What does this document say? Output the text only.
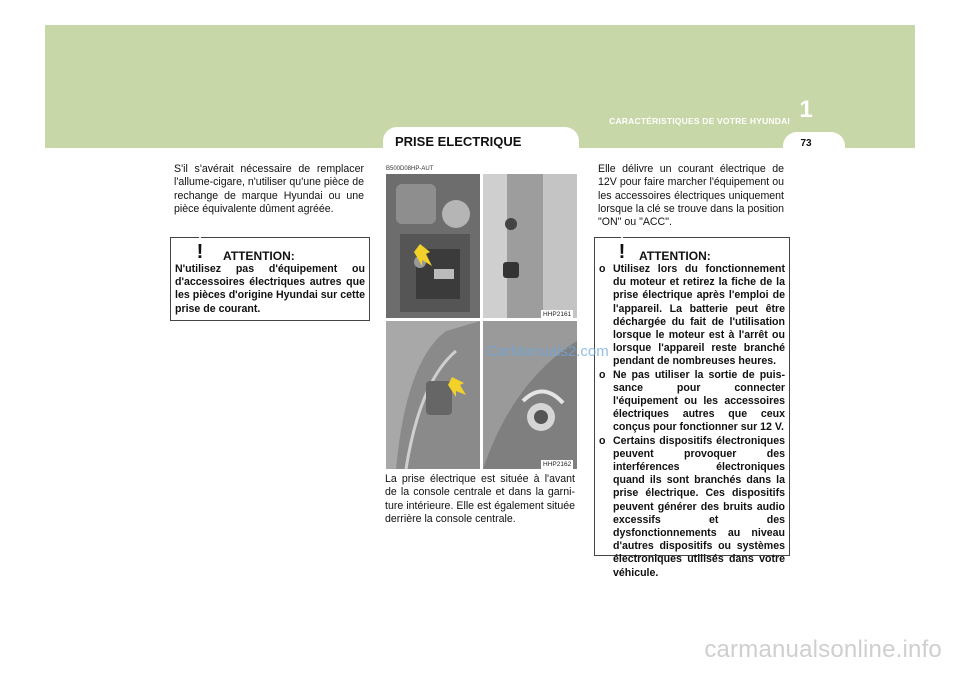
1
CARACTÉRISTIQUES DE VOTRE HYUNDAI
73
PRISE ELECTRIQUE
S'il s'avérait nécessaire de remplacer l'allume-cigare, n'utiliser qu'une pièce de rechange de marque Hyundai ou une pièce équivalente dûment agréée.
! ATTENTION:
N'utilisez pas d'équipement ou d'accessoires électriques autres que les pièces d'origine Hyundai sur cette prise de courant.
B500D08HP-AUT
HHP2161
HHP2162
La prise électrique est située à l'avant de la console centrale et dans la garni- ture intérieure. Elle est également située derrière la console centrale.
Elle délivre un courant électrique de 12V pour faire marcher l'équipement ou les accessoires électriques uniquement lorsque la clé se trouve dans la position "ON" ou "ACC".
! ATTENTION:
o Utilisez lors du fonctionnement du moteur et retirez la fiche de la prise électrique après l'emploi de l'appareil. La batterie peut être déchargée du fait de l'utilisation lorsque le moteur est à l'arrêt ou lorsque l'appareil reste branché pendant de nombreuses heures.
o Ne pas utiliser la sortie de puis- sance pour connecter l'équipement ou les accessoires électriques autres que ceux conçus pour fonctionner sur 12 V.
o Certains dispositifs électroniques peuvent provoquer des interférences électroniques quand ils sont branchés dans la prise électrique. Ces dispositifs peuvent générer des bruits audio excessifs et des dysfonctionnements au niveau d'autres dispositifs ou systèmes électroniques utilisés dans votre véhicule.
CarManuals2.com
carmanualsonline.info
